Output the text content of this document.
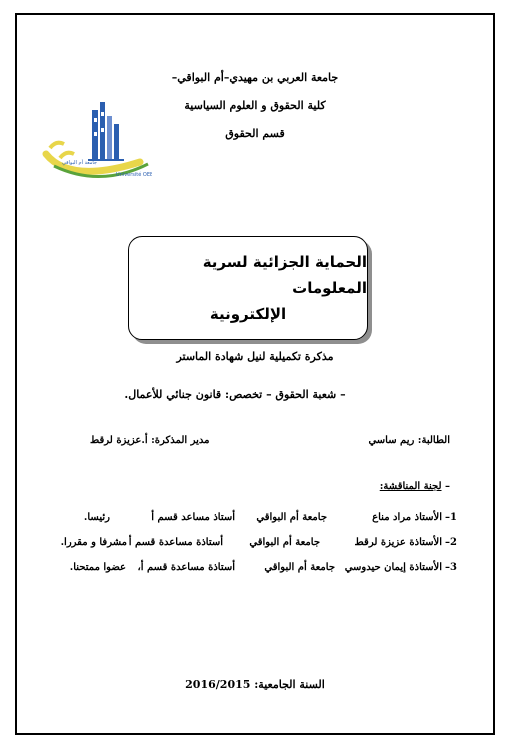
جامعة العربي بن مهيدي–أم البواقي–
كلية الحقوق و العلوم السياسية
قسم الحقوق
جامعة أم البواقي
Université OEB
الحماية الجزائية لسرية المعلومات
الإلكترونية
مذكرة تكميلية لنيل شهادة الماستر
– شعبة الحقوق – تخصص: قانون جنائي للأعمال.
الطالبة: ريم ساسي
مدير المذكرة: أ.عزيزة لرقط
– لجنة المناقشة:
1–
الأستاذ مراد مناع
جامعة أم البواقي
أستاذ مساعد قسم أ
رئيسا.
2–
الأستاذة عزيزة لرقط
جامعة أم البواقي
أستاذة مساعدة قسم أ
مشرفا و مقررا.
3–
الأستاذة إيمان حيدوسي
جامعة أم البواقي
أستاذة مساعدة قسم أ،
عضوا ممتحنا.
السنة الجامعية: 2016/2015
